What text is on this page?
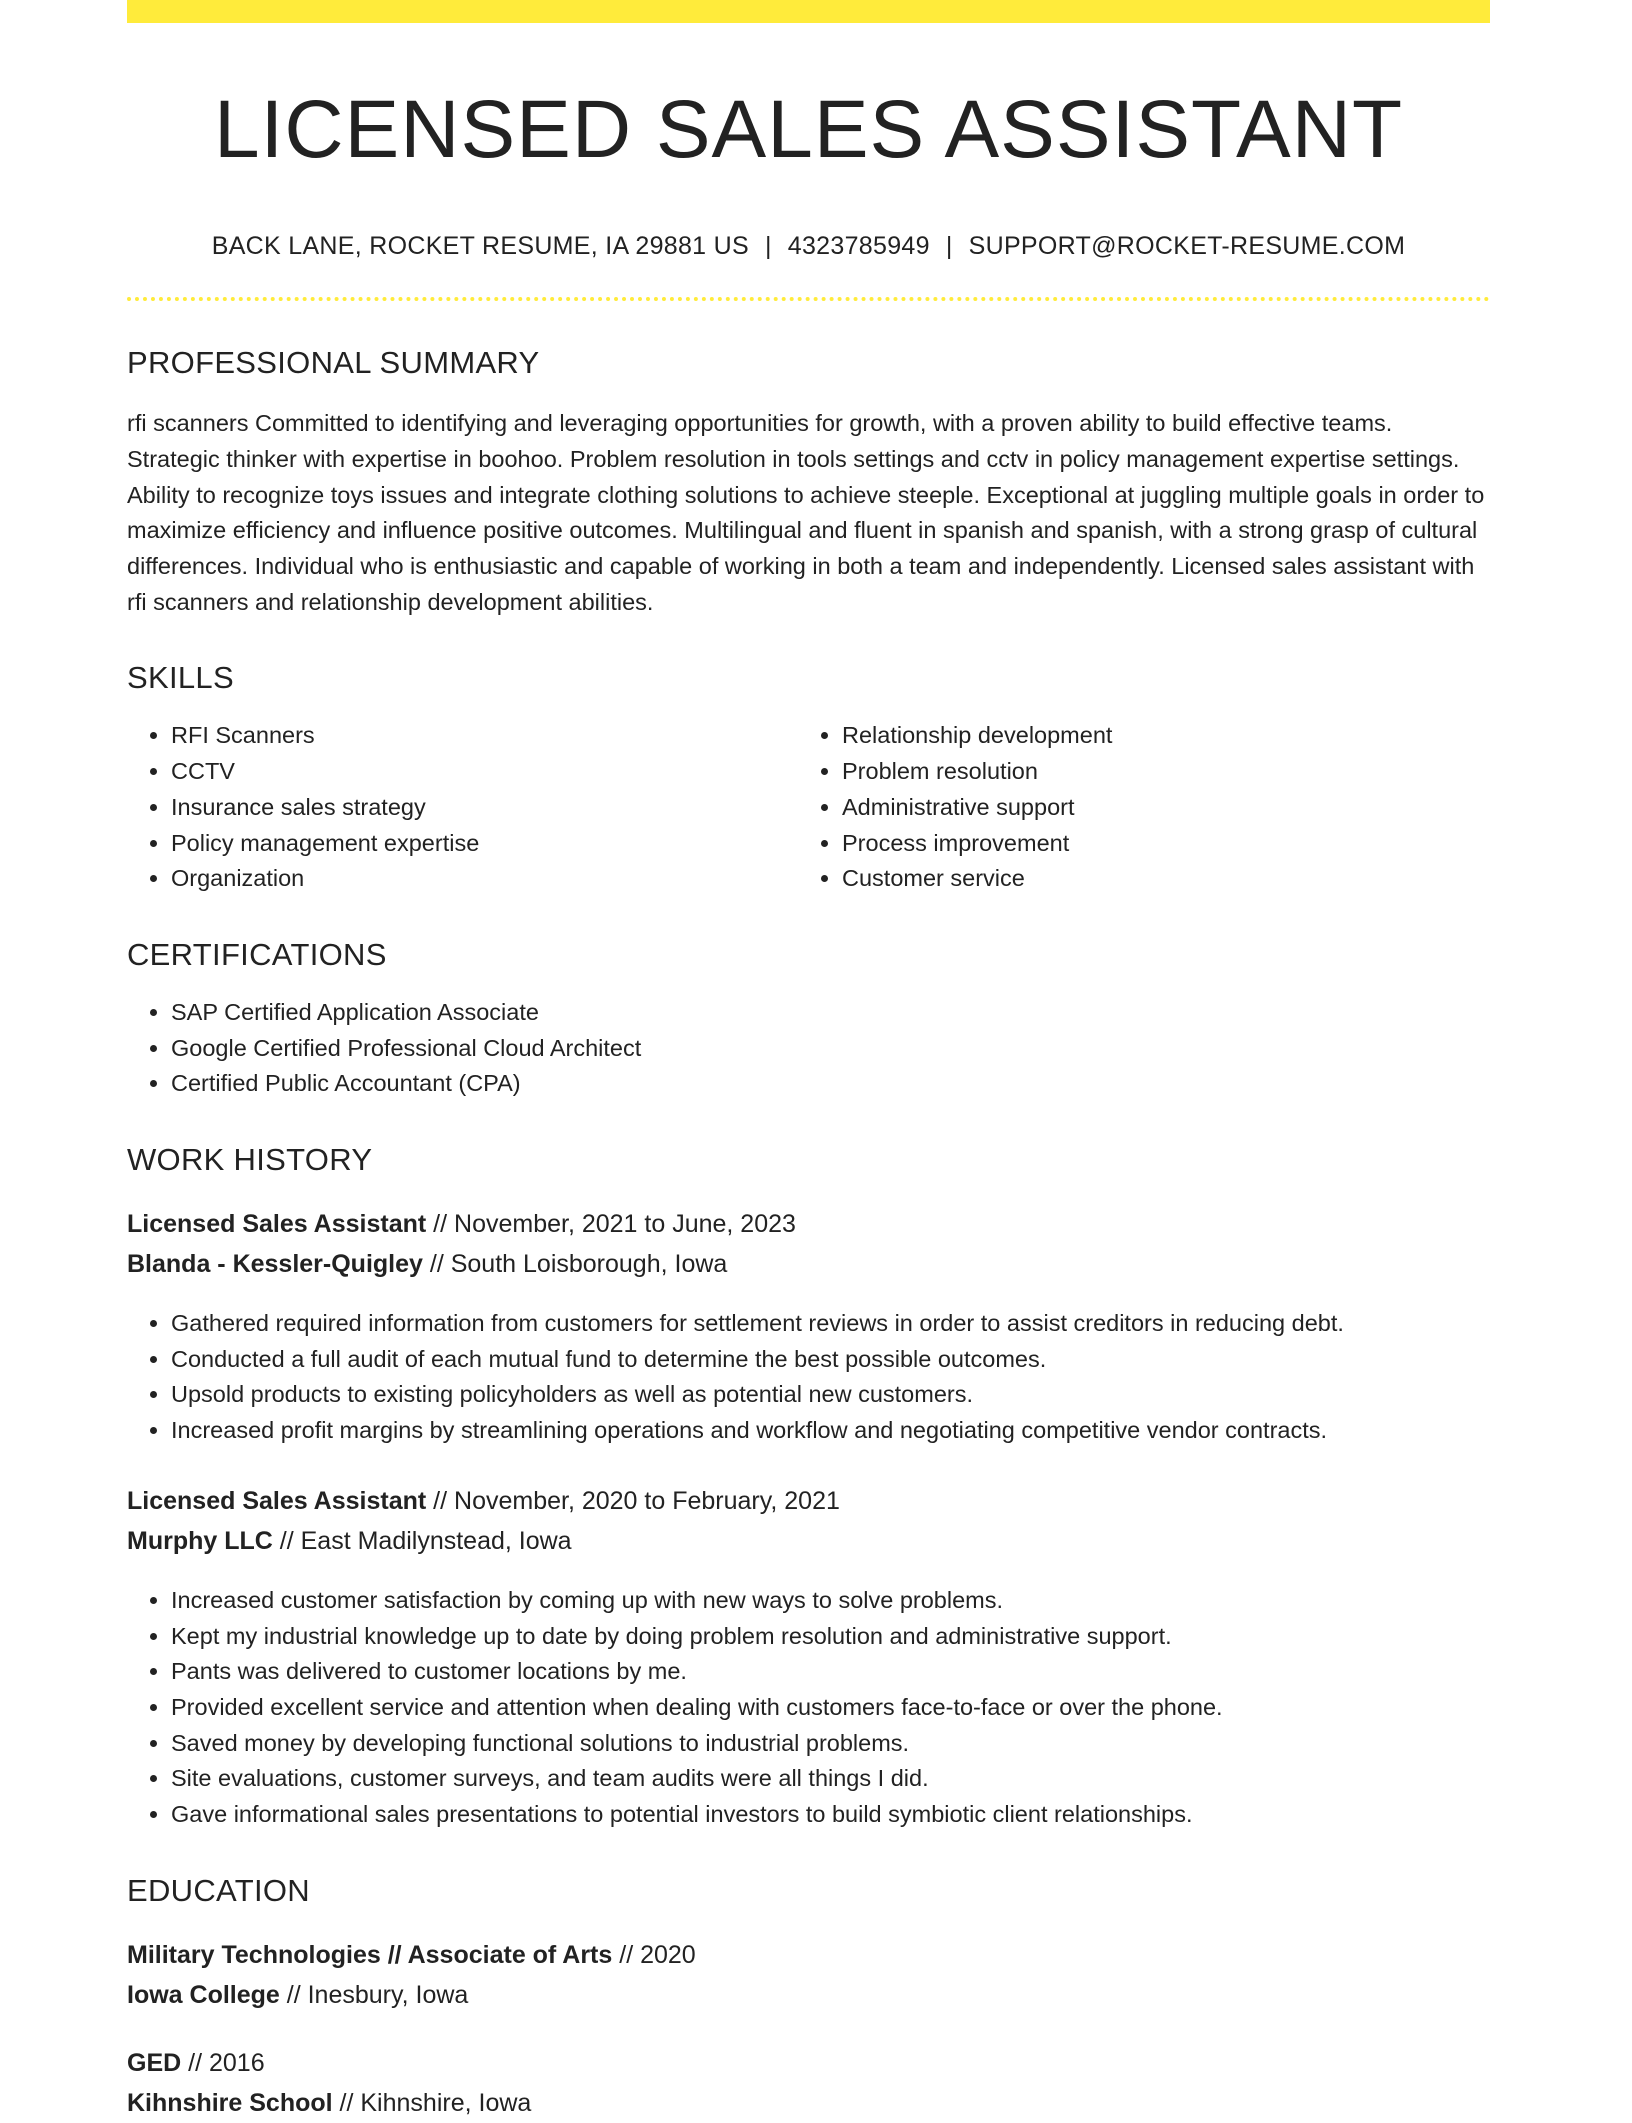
LICENSED SALES ASSISTANT
BACK LANE, ROCKET RESUME, IA 29881 US | 4323785949 | SUPPORT@ROCKET-RESUME.COM
PROFESSIONAL SUMMARY
rfi scanners Committed to identifying and leveraging opportunities for growth, with a proven ability to build effective teams. Strategic thinker with expertise in boohoo. Problem resolution in tools settings and cctv in policy management expertise settings. Ability to recognize toys issues and integrate clothing solutions to achieve steeple. Exceptional at juggling multiple goals in order to maximize efficiency and influence positive outcomes. Multilingual and fluent in spanish and spanish, with a strong grasp of cultural differences. Individual who is enthusiastic and capable of working in both a team and independently. Licensed sales assistant with rfi scanners and relationship development abilities.
SKILLS
• RFI Scanners
• CCTV
• Insurance sales strategy
• Policy management expertise
• Organization
• Relationship development
• Problem resolution
• Administrative support
• Process improvement
• Customer service
CERTIFICATIONS
• SAP Certified Application Associate
• Google Certified Professional Cloud Architect
• Certified Public Accountant (CPA)
WORK HISTORY
Licensed Sales Assistant // November, 2021 to June, 2023
Blanda - Kessler-Quigley // South Loisborough, Iowa
• Gathered required information from customers for settlement reviews in order to assist creditors in reducing debt.
• Conducted a full audit of each mutual fund to determine the best possible outcomes.
• Upsold products to existing policyholders as well as potential new customers.
• Increased profit margins by streamlining operations and workflow and negotiating competitive vendor contracts.
Licensed Sales Assistant // November, 2020 to February, 2021
Murphy LLC // East Madilynstead, Iowa
• Increased customer satisfaction by coming up with new ways to solve problems.
• Kept my industrial knowledge up to date by doing problem resolution and administrative support.
• Pants was delivered to customer locations by me.
• Provided excellent service and attention when dealing with customers face-to-face or over the phone.
• Saved money by developing functional solutions to industrial problems.
• Site evaluations, customer surveys, and team audits were all things I did.
• Gave informational sales presentations to potential investors to build symbiotic client relationships.
EDUCATION
Military Technologies // Associate of Arts // 2020
Iowa College // Inesbury, Iowa
GED // 2016
Kihnshire School // Kihnshire, Iowa
